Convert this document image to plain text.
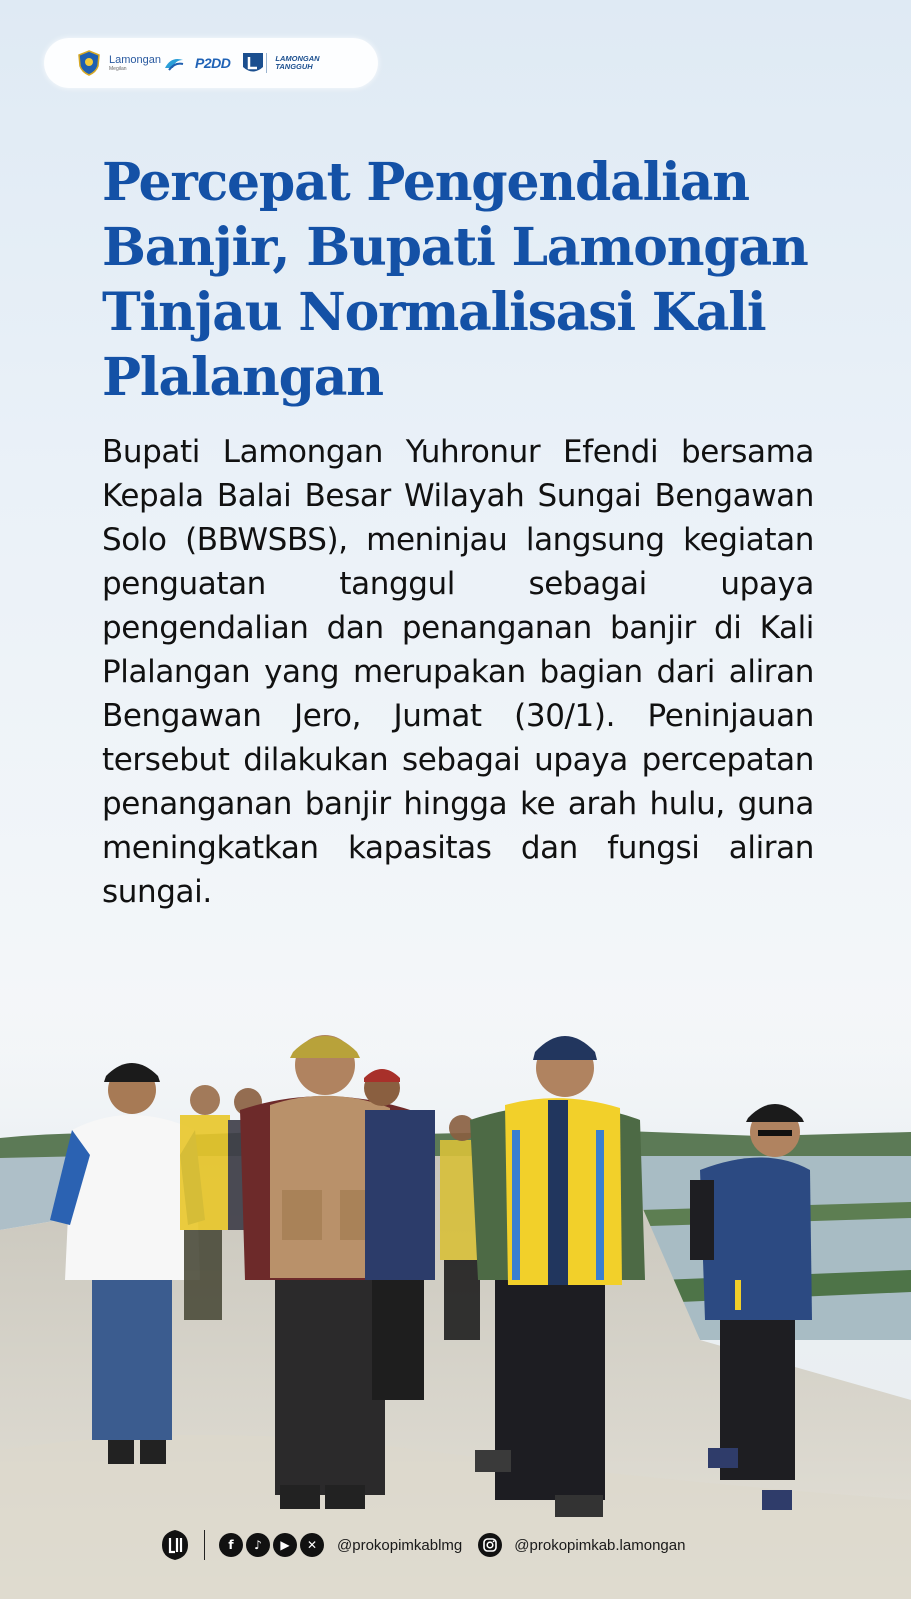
Lamongan
Megilan	P2DD	LAMONGAN TANGGUH
Percepat Pengendalian Banjir, Bupati Lamongan Tinjau Normalisasi Kali Plalangan

Bupati Lamongan Yuhronur Efendi bersama Kepala Balai Besar Wilayah Sungai Bengawan Solo (BBWSBS), meninjau langsung kegiatan penguatan tanggul sebagai upaya pengendalian dan penanganan banjir di Kali Plalangan yang merupakan bagian dari aliran Bengawan Jero, Jumat (30/1). Peninjauan tersebut dilakukan sebagai upaya percepatan penanganan banjir hingga ke arah hulu, guna meningkatkan kapasitas dan fungsi aliran sungai.

f	♪	▶	✕	@prokopimkablmg	@prokopimkab.lamongan
